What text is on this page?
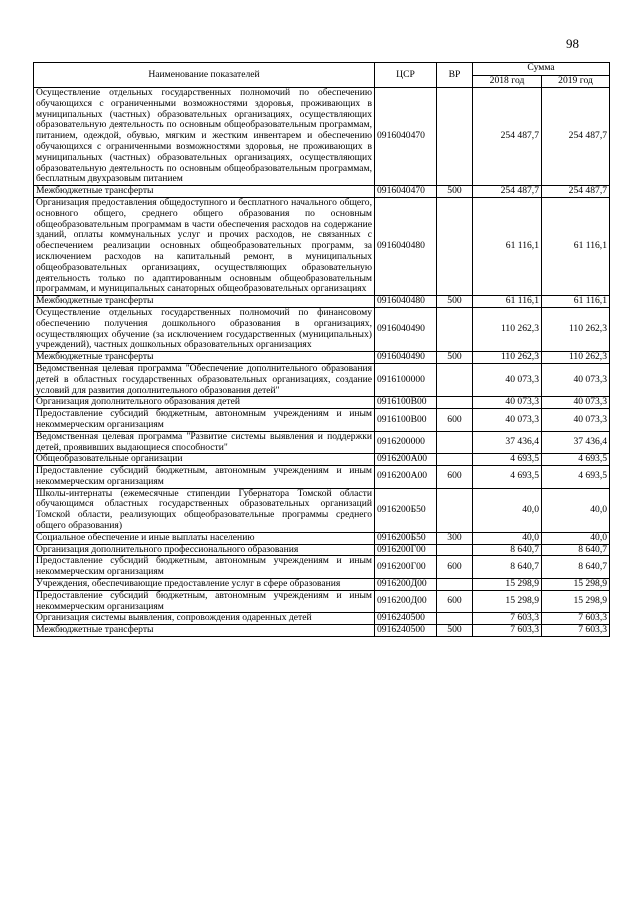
98
Наименование показателей	ЦСР	ВР	Сумма	
			2018 год	2019 год
Осуществление отдельных государственных полномочий по обеспечению обучающихся с ограниченными возможностями здоровья, проживающих в муниципальных (частных) образовательных организациях, осуществляющих образовательную деятельность по основным общеобразовательным программам, питанием, одеждой, обувью, мягким и жестким инвентарем и обеспечению обучающихся с ограниченными возможностями здоровья, не проживающих в муниципальных (частных) образовательных организациях, осуществляющих образовательную деятельность по основным общеобразовательным программам, бесплатным двухразовым питанием	0916040470		254 487,7	254 487,7
Межбюджетные трансферты	0916040470	500	254 487,7	254 487,7
Организация предоставления общедоступного и бесплатного начального общего, основного общего, среднего общего образования по основным общеобразовательным программам в части обеспечения расходов на содержание зданий, оплаты коммунальных услуг и прочих расходов, не связанных с обеспечением реализации основных общеобразовательных программ, за исключением расходов на капитальный ремонт, в муниципальных общеобразовательных организациях, осуществляющих образовательную деятельность только по адаптированным основным общеобразовательным программам, и муниципальных санаторных общеобразовательных организациях	0916040480		61 116,1	61 116,1
Межбюджетные трансферты	0916040480	500	61 116,1	61 116,1
Осуществление отдельных государственных полномочий по финансовому обеспечению получения дошкольного образования в организациях, осуществляющих обучение (за исключением государственных (муниципальных) учреждений), частных дошкольных образовательных организациях	0916040490		110 262,3	110 262,3
Межбюджетные трансферты	0916040490	500	110 262,3	110 262,3
Ведомственная целевая программа "Обеспечение дополнительного образования детей в областных государственных образовательных организациях, создание условий для развития дополнительного образования детей"	0916100000		40 073,3	40 073,3
Организация дополнительного образования детей	0916100В00		40 073,3	40 073,3
Предоставление субсидий бюджетным, автономным учреждениям и иным некоммерческим организациям	0916100В00	600	40 073,3	40 073,3
Ведомственная целевая программа "Развитие системы выявления и поддержки детей, проявивших выдающиеся способности"	0916200000		37 436,4	37 436,4
Общеобразовательные организации	0916200А00		4 693,5	4 693,5
Предоставление субсидий бюджетным, автономным учреждениям и иным некоммерческим организациям	0916200А00	600	4 693,5	4 693,5
Школы-интернаты (ежемесячные стипендии Губернатора Томской области обучающимся областных государственных образовательных организаций Томской области, реализующих общеобразовательные программы среднего общего образования)	0916200Б50		40,0	40,0
Социальное обеспечение и иные выплаты населению	0916200Б50	300	40,0	40,0
Организация дополнительного профессионального образования	0916200Г00		8 640,7	8 640,7
Предоставление субсидий бюджетным, автономным учреждениям и иным некоммерческим организациям	0916200Г00	600	8 640,7	8 640,7
Учреждения, обеспечивающие предоставление услуг в сфере образования	0916200Д00		15 298,9	15 298,9
Предоставление субсидий бюджетным, автономным учреждениям и иным некоммерческим организациям	0916200Д00	600	15 298,9	15 298,9
Организация системы выявления, сопровождения одаренных детей	0916240500		7 603,3	7 603,3
Межбюджетные трансферты	0916240500	500	7 603,3	7 603,3
